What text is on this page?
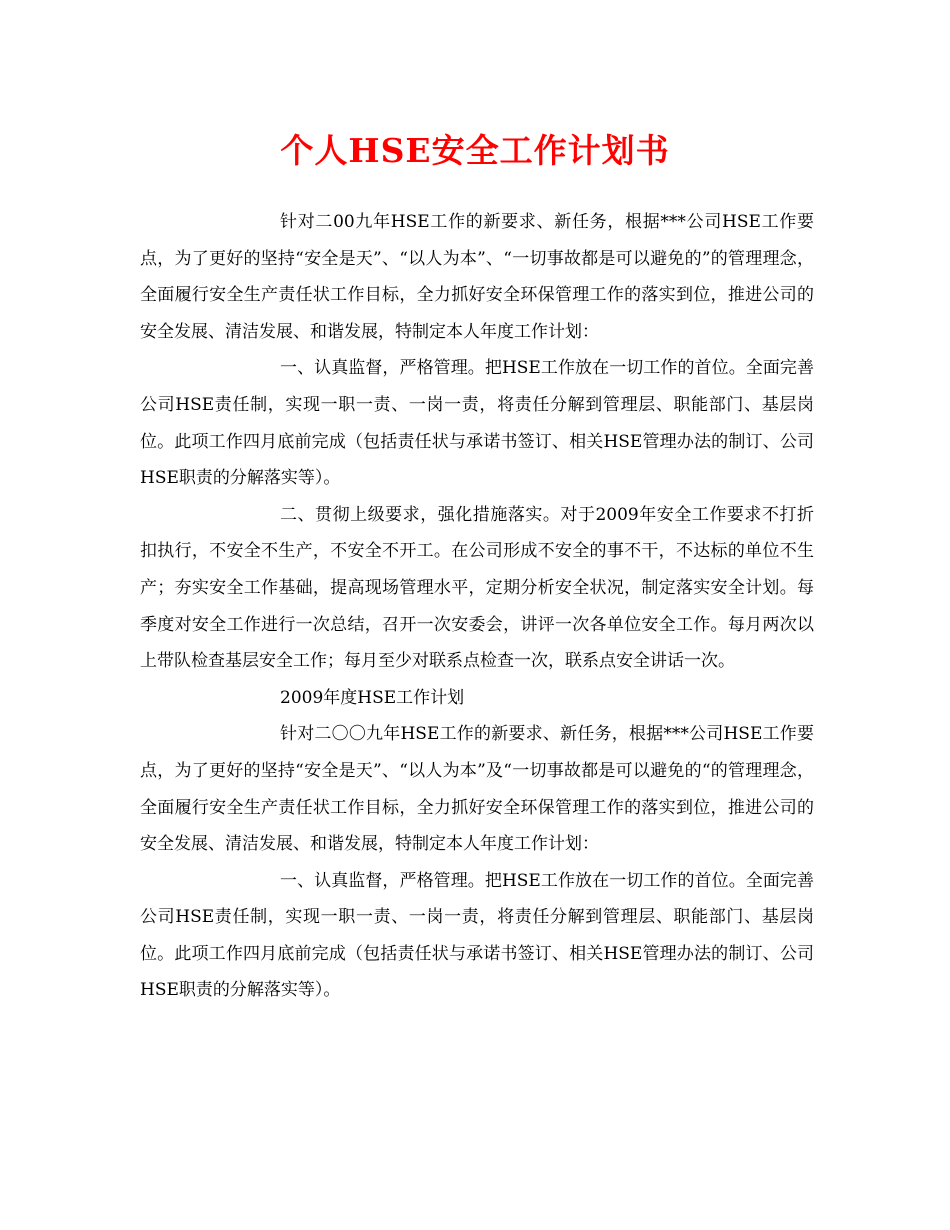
个人HSE安全工作计划书

针对二00九年HSE工作的新要求、新任务，根据***公司HSE工作要点，为了更好的坚持“安全是天”、“以人为本”、“一切事故都是可以避免的”的管理理念，全面履行安全生产责任状工作目标，全力抓好安全环保管理工作的落实到位，推进公司的安全发展、清洁发展、和谐发展，特制定本人年度工作计划：

一、认真监督，严格管理。把HSE工作放在一切工作的首位。全面完善公司HSE责任制，实现一职一责、一岗一责，将责任分解到管理层、职能部门、基层岗位。此项工作四月底前完成（包括责任状与承诺书签订、相关HSE管理办法的制订、公司HSE职责的分解落实等）。

二、贯彻上级要求，强化措施落实。对于2009年安全工作要求不打折扣执行，不安全不生产，不安全不开工。在公司形成不安全的事不干，不达标的单位不生产；夯实安全工作基础，提高现场管理水平，定期分析安全状况，制定落实安全计划。每季度对安全工作进行一次总结，召开一次安委会，讲评一次各单位安全工作。每月两次以上带队检查基层安全工作；每月至少对联系点检查一次，联系点安全讲话一次。

2009年度HSE工作计划

针对二〇〇九年HSE工作的新要求、新任务，根据***公司HSE工作要点，为了更好的坚持“安全是天”、“以人为本”及“一切事故都是可以避免的“的管理理念，全面履行安全生产责任状工作目标，全力抓好安全环保管理工作的落实到位，推进公司的安全发展、清洁发展、和谐发展，特制定本人年度工作计划：

一、认真监督，严格管理。把HSE工作放在一切工作的首位。全面完善公司HSE责任制，实现一职一责、一岗一责，将责任分解到管理层、职能部门、基层岗位。此项工作四月底前完成（包括责任状与承诺书签订、相关HSE管理办法的制订、公司HSE职责的分解落实等）。
